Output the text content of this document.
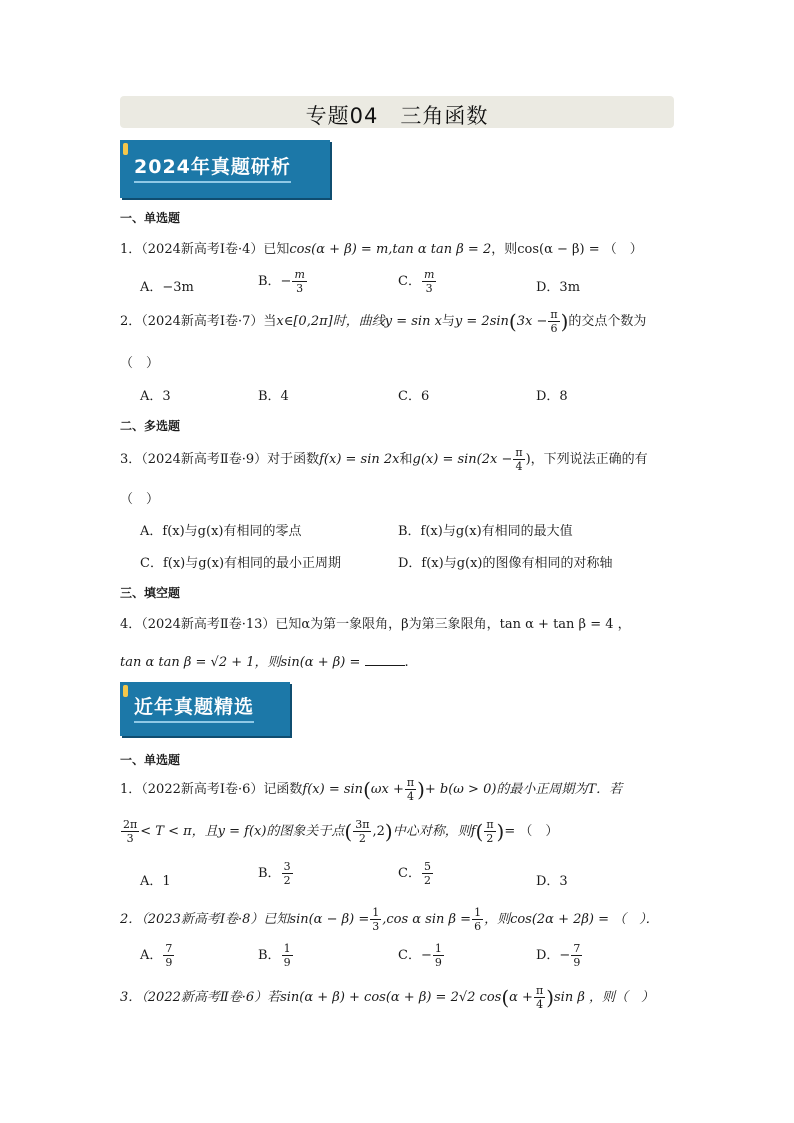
专题04　三角函数
2024年真题研析
一、单选题
1．（2024新高考Ⅰ卷·4）已知cos(α + β) = m,tan α tan β = 2，则cos(α − β) = （　）
A．−3m	B．− $\frac{m}{3}$	C． $\frac{m}{3}$	D．3m
2．（2024新高考Ⅰ卷·7）当x∈[0,2π]时，曲线y = sin x与$y = 2\sin(3x - \frac{\pi}{6}$ )的交点个数为
（　）
A．3	B．4	C．6	D．8
二、多选题
3．（2024新高考Ⅱ卷·9）对于函数f(x) = sin 2x和$g(x) = \sin(2x - \frac{\pi}{4}$ )，下列说法正确的有
（　）
A．f(x)与g(x)有相同的零点	B．f(x)与g(x)有相同的最大值
C．f(x)与g(x)有相同的最小正周期	D．f(x)与g(x)的图像有相同的对称轴
三、填空题
4．（2024新高考Ⅱ卷·13）已知α为第一象限角，β为第三象限角，tan α + tan β = 4 ，
tan α tan β = √2 + 1，则sin(α + β) =	.
近年真题精选
一、单选题
1．（2022新高考Ⅰ卷·6）记函数$f(x) = \sin(\omega x + \frac{\pi}{4}$ )+ b(ω > 0)的最小正周期为T．若
$\frac{2\pi}{3} < T < \pi$，且y = f(x)的图象关于点( $\frac{3\pi}{2} ,2$)中心对称，则$f( \frac{\pi}{2}$ )= （　）
A．1
B． $\frac{3}{2}$	C． $\frac{5}{2}$	D．3
2．（2023新高考Ⅰ卷·8）已知$\sin(\alpha - \beta) = \frac{1}{3} ,\cos$ α $\sin \beta = \frac{1}{6}$ ，则cos(2α + 2β) = （　）．
A． $\frac{7}{9}$	B． $\frac{1}{9}$	C．− $\frac{1}{9}$	D．− $\frac{7}{9}$
3．（2022新高考Ⅱ卷·6）若sin(α + β) + cos(α + β) = 2√2 $\cos(\alpha + \frac{\pi}{4} )\sin$ β ，则（　）
